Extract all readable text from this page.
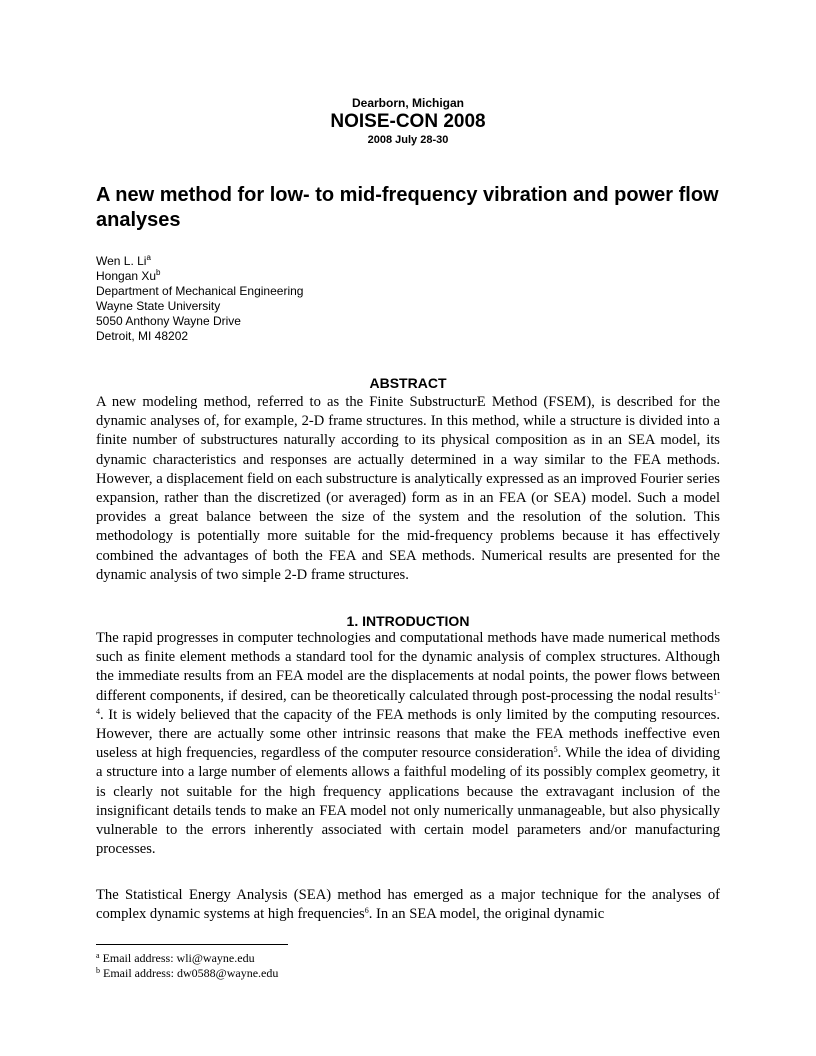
Dearborn, Michigan
NOISE-CON 2008
2008 July 28-30
A new method for low- to mid-frequency vibration and power flow analyses
Wen L. Li$^a$
Hongan Xu$^b$
Department of Mechanical Engineering
Wayne State University
5050 Anthony Wayne Drive
Detroit, MI 48202
ABSTRACT

A new modeling method, referred to as the Finite SubstructurE Method (FSEM), is described for the dynamic analyses of, for example, 2-D frame structures. In this method, while a structure is divided into a finite number of substructures naturally according to its physical composition as in an SEA model, its dynamic characteristics and responses are actually determined in a way similar to the FEA methods. However, a displacement field on each substructure is analytically expressed as an improved Fourier series expansion, rather than the discretized (or averaged) form as in an FEA (or SEA) model. Such a model provides a great balance between the size of the system and the resolution of the solution. This methodology is potentially more suitable for the mid-frequency problems because it has effectively combined the advantages of both the FEA and SEA methods. Numerical results are presented for the dynamic analysis of two simple 2-D frame structures.

1. INTRODUCTION

The rapid progresses in computer technologies and computational methods have made numerical methods such as finite element methods a standard tool for the dynamic analysis of complex structures. Although the immediate results from an FEA model are the displacements at nodal points, the power flows between different components, if desired, can be theoretically calculated through post-processing the nodal results$^{1-4}$. It is widely believed that the capacity of the FEA methods is only limited by the computing resources. However, there are actually some other intrinsic reasons that make the FEA methods ineffective even useless at high frequencies, regardless of the computer resource consideration$^5$. While the idea of dividing a structure into a large number of elements allows a faithful modeling of its possibly complex geometry, it is clearly not suitable for the high frequency applications because the extravagant inclusion of the insignificant details tends to make an FEA model not only numerically unmanageable, but also physically vulnerable to the errors inherently associated with certain model parameters and/or manufacturing processes.

The Statistical Energy Analysis (SEA) method has emerged as a major technique for the analyses of complex dynamic systems at high frequencies$^6$. In an SEA model, the original dynamic

$^a$ Email address: wli@wayne.edu
$^b$ Email address: dw0588@wayne.edu
